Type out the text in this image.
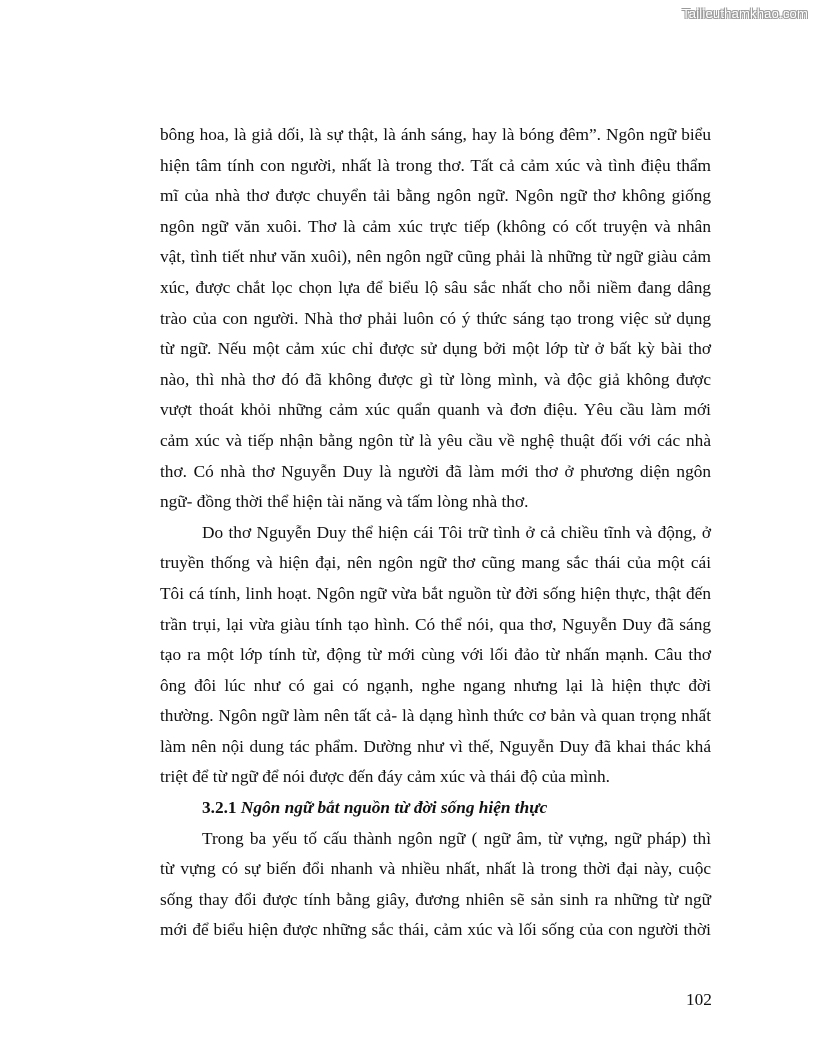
Tailieuthamkhao.com
bông hoa, là giả dối, là sự thật, là ánh sáng, hay là bóng đêm”. Ngôn ngữ biểu
hiện tâm tính con người, nhất là trong thơ. Tất cả cảm xúc và tình điệu thẩm
mĩ của nhà thơ được chuyển tải bằng ngôn ngữ. Ngôn ngữ thơ không giống
ngôn ngữ văn xuôi. Thơ là cảm xúc trực tiếp (không có cốt truyện và nhân
vật, tình tiết như văn xuôi), nên ngôn ngữ cũng phải là những từ ngữ giàu cảm
xúc, được chắt lọc chọn lựa để biểu lộ sâu sắc nhất cho nỗi niềm đang dâng
trào của con người. Nhà thơ phải luôn có ý thức sáng tạo trong việc sử dụng
từ ngữ. Nếu một cảm xúc chỉ được sử dụng bởi một lớp từ ở bất kỳ bài thơ
nào, thì nhà thơ đó đã không được gì từ lòng mình, và độc giả không được
vượt thoát khỏi những cảm xúc quẩn quanh và đơn điệu. Yêu cầu làm mới
cảm xúc và tiếp nhận bằng ngôn từ là yêu cầu về nghệ thuật đối với các nhà
thơ. Có nhà thơ Nguyễn Duy là người đã làm mới thơ ở phương diện ngôn
ngữ- đồng thời thể hiện tài năng và tấm lòng nhà thơ.
Do thơ Nguyễn Duy thể hiện cái Tôi trữ tình ở cả chiều tĩnh và động, ở
truyền thống và hiện đại, nên ngôn ngữ thơ cũng mang sắc thái của một cái
Tôi cá tính, linh hoạt. Ngôn ngữ vừa bắt nguồn từ đời sống hiện thực, thật đến
trần trụi, lại vừa giàu tính tạo hình. Có thể nói, qua thơ, Nguyễn Duy đã sáng
tạo ra một lớp tính từ, động từ mới cùng với lối đảo từ nhấn mạnh. Câu thơ
ông đôi lúc như có gai có ngạnh, nghe ngang nhưng lại là hiện thực đời
thường. Ngôn ngữ làm nên tất cả- là dạng hình thức cơ bản và quan trọng nhất
làm nên nội dung tác phẩm. Dường như vì thế, Nguyễn Duy đã khai thác khá
triệt để từ ngữ để nói được đến đáy cảm xúc và thái độ của mình.
3.2.1 Ngôn ngữ bắt nguồn từ đời sống hiện thực
Trong ba yếu tố cấu thành ngôn ngữ ( ngữ âm, từ vựng, ngữ pháp) thì
từ vựng có sự biến đổi nhanh và nhiều nhất, nhất là trong thời đại này, cuộc
sống thay đổi được tính bằng giây, đương nhiên sẽ sản sinh ra những từ ngữ
mới để biểu hiện được những sắc thái, cảm xúc và lối sống của con người thời
102
